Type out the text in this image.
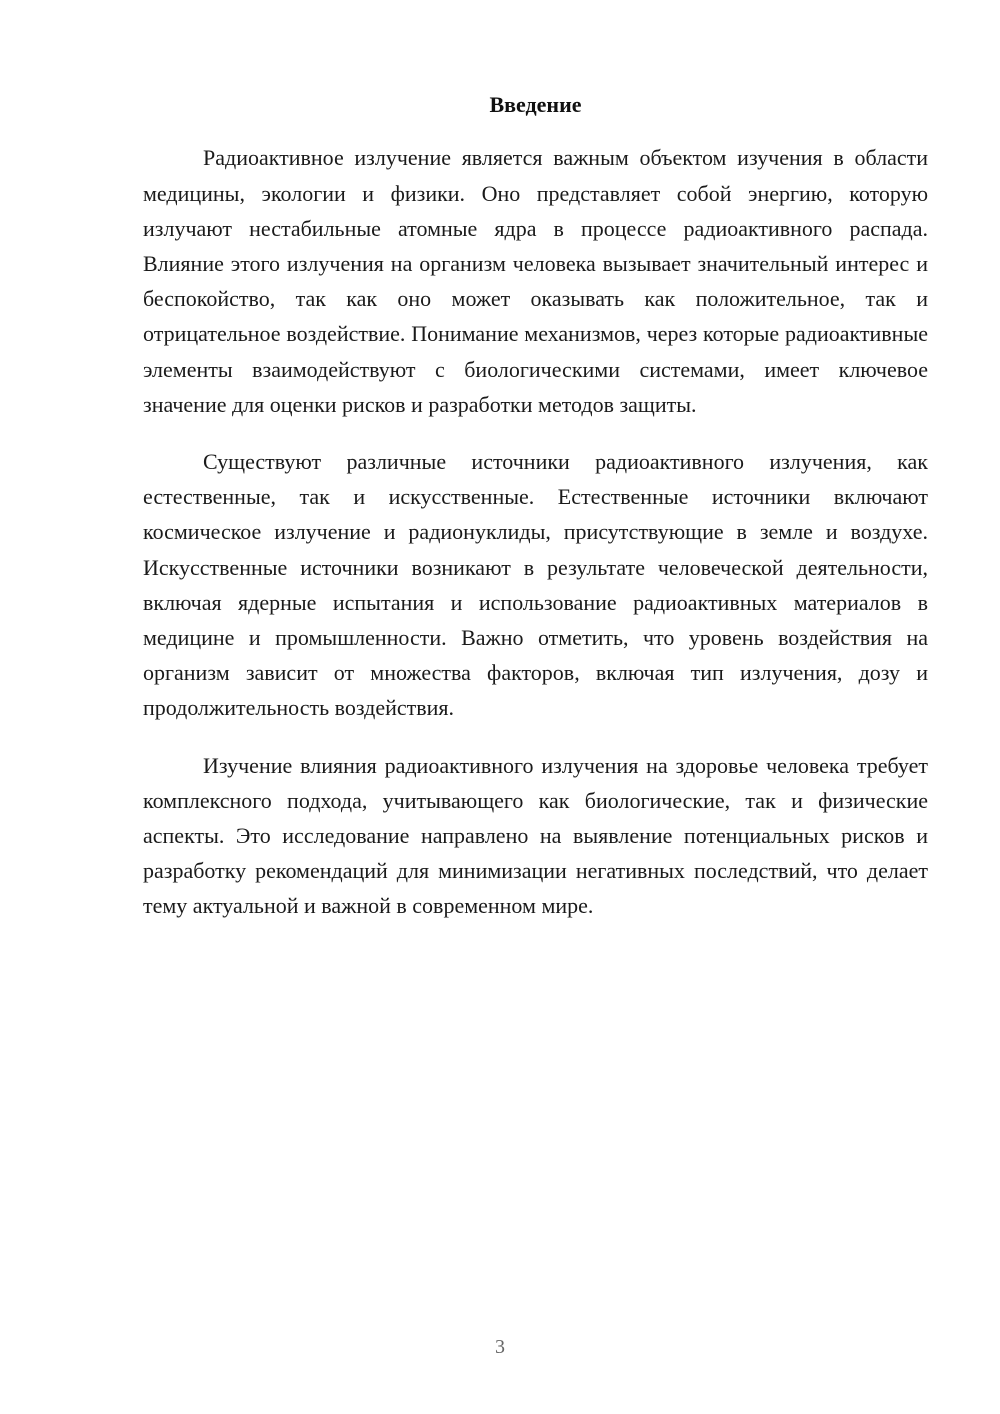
Введение

Радиоактивное излучение является важным объектом изучения в области медицины, экологии и физики. Оно представляет собой энергию, которую излучают нестабильные атомные ядра в процессе радиоактивного распада. Влияние этого излучения на организм человека вызывает значительный интерес и беспокойство, так как оно может оказывать как положительное, так и отрицательное воздействие. Понимание механизмов, через которые радиоактивные элементы взаимодействуют с биологическими системами, имеет ключевое значение для оценки рисков и разработки методов защиты.

Существуют различные источники радиоактивного излучения, как естественные, так и искусственные. Естественные источники включают космическое излучение и радионуклиды, присутствующие в земле и воздухе. Искусственные источники возникают в результате человеческой деятельности, включая ядерные испытания и использование радиоактивных материалов в медицине и промышленности. Важно отметить, что уровень воздействия на организм зависит от множества факторов, включая тип излучения, дозу и продолжительность воздействия.

Изучение влияния радиоактивного излучения на здоровье человека требует комплексного подхода, учитывающего как биологические, так и физические аспекты. Это исследование направлено на выявление потенциальных рисков и разработку рекомендаций для минимизации негативных последствий, что делает тему актуальной и важной в современном мире.

3
